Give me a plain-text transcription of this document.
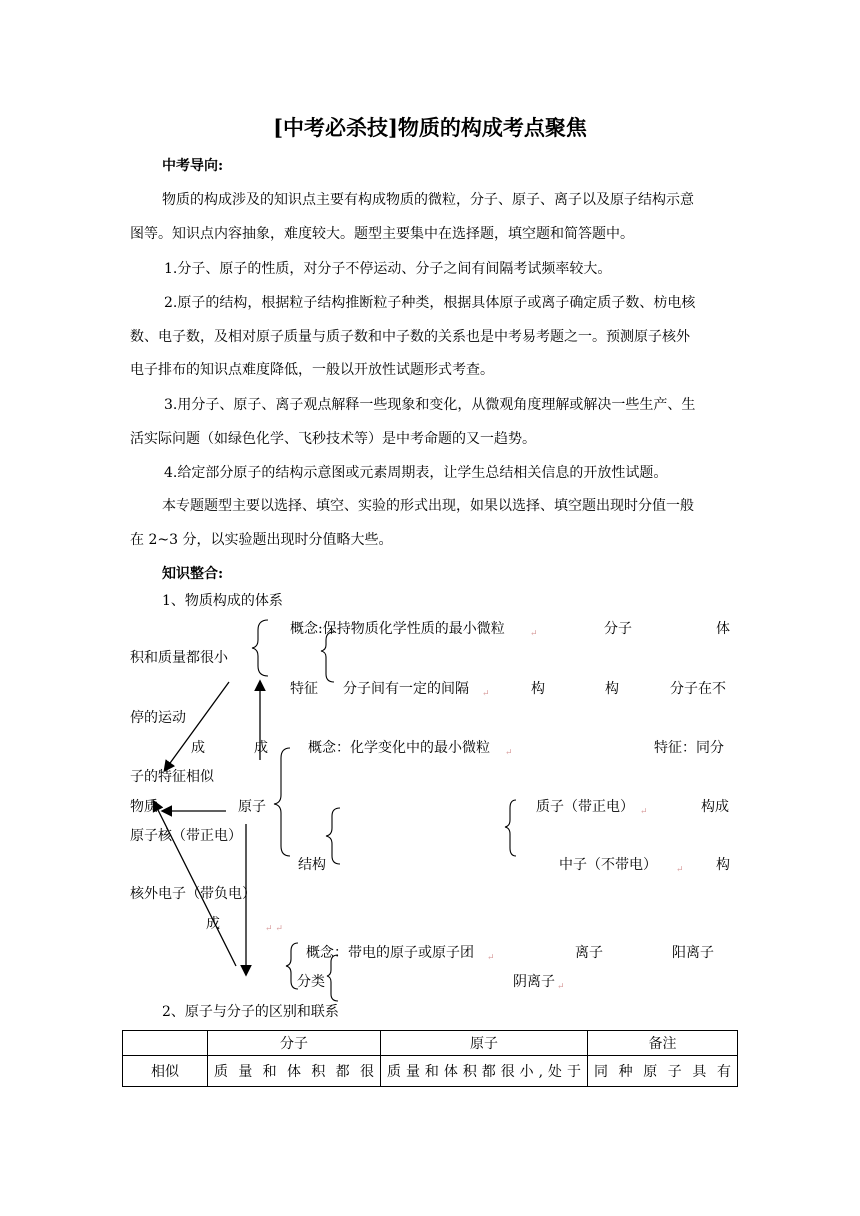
[中考必杀技]物质的构成考点聚焦
中考导向:
物质的构成涉及的知识点主要有构成物质的微粒，分子、原子、离子以及原子结构示意
图等。知识点内容抽象，难度较大。题型主要集中在选择题，填空题和简答题中。
1.分子、原子的性质，对分子不停运动、分子之间有间隔考试频率较大。
2.原子的结构，根据粒子结构推断粒子种类，根据具体原子或离子确定质子数、枋电核
数、电子数，及相对原子质量与质子数和中子数的关系也是中考易考题之一。预测原子核外
电子排布的知识点难度降低，一般以开放性试题形式考查。
3.用分子、原子、离子观点解释一些现象和变化，从微观角度理解或解决一些生产、生
活实际问题（如绿色化学、飞秒技术等）是中考命题的又一趋势。
4.给定部分原子的结构示意图或元素周期表，让学生总结相关信息的开放性试题。
本专题题型主要以选择、填空、实验的形式出现，如果以选择、填空题出现时分值一般
在 2~3 分，以实验题出现时分值略大些。
知识整合:
1、物质构成的体系
概念:保持物质化学性质的最小微粒	↵	分子	体
积和质量都很小
特征 分子间有一定的间隔 ↵	构	构	分子在不
停的运动
成	成	概念：化学变化中的最小微粒 ↵	特征：同分
子的特征相似
物质	原子	质子（带正电） ↵	构成
原子核（带正电）
结构	中子（不带电） ↵ 构
核外电子（带负电）
成	↵ ↵
概念：带电的原子或原子团 ↵	离子	阳离子
分类	阴离子 ↵
2、原子与分子的区别和联系
	分子	原子	备注
相似	质量和体积都很	质量和体积都很小,处于	同种原子具有
